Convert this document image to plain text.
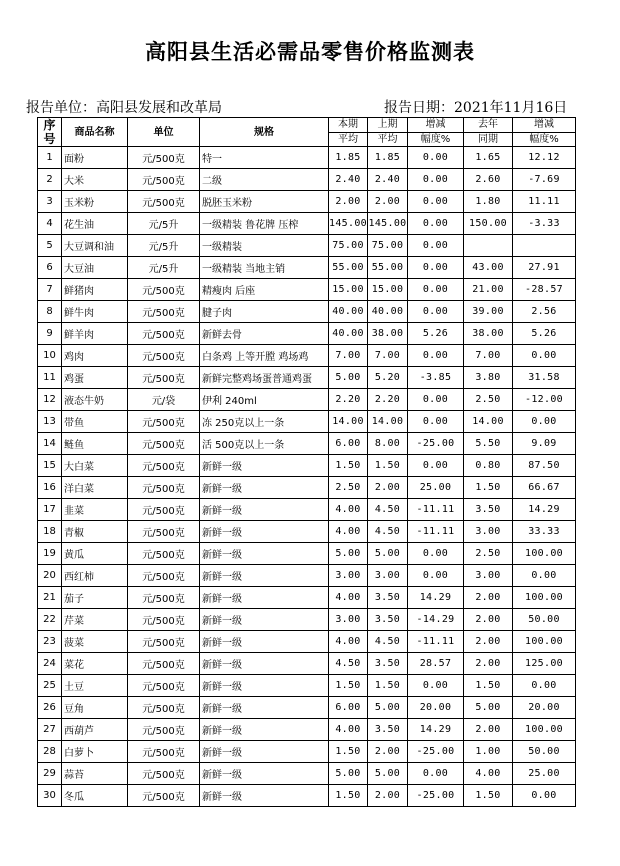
高阳县生活必需品零售价格监测表
报告单位：高阳县发展和改革局	报告日期：2021年11月16日
序
号	商品名称	单位	规格	本期	上期	增减	去年	增减
				平均	平均	幅度%	同期	幅度%
1	面粉	元/500克	特一	1.85	1.85	0.00	1.65	12.12
2	大米	元/500克	二级	2.40	2.40	0.00	2.60	-7.69
3	玉米粉	元/500克	脱胚玉米粉	2.00	2.00	0.00	1.80	11.11
4	花生油	元/5升	一级精装 鲁花牌 压榨	145.00	145.00	0.00	150.00	-3.33
5	大豆调和油	元/5升	一级精装	75.00	75.00	0.00		
6	大豆油	元/5升	一级精装 当地主销	55.00	55.00	0.00	43.00	27.91
7	鲜猪肉	元/500克	精瘦肉 后座	15.00	15.00	0.00	21.00	-28.57
8	鲜牛肉	元/500克	腱子肉	40.00	40.00	0.00	39.00	2.56
9	鲜羊肉	元/500克	新鲜去骨	40.00	38.00	5.26	38.00	5.26
10	鸡肉	元/500克	白条鸡 上等开膛 鸡场鸡	7.00	7.00	0.00	7.00	0.00
11	鸡蛋	元/500克	新鲜完整鸡场蛋普通鸡蛋	5.00	5.20	-3.85	3.80	31.58
12	液态牛奶	元/袋	伊利 240ml	2.20	2.20	0.00	2.50	-12.00
13	带鱼	元/500克	冻 250克以上一条	14.00	14.00	0.00	14.00	0.00
14	鲢鱼	元/500克	活 500克以上一条	6.00	8.00	-25.00	5.50	9.09
15	大白菜	元/500克	新鲜一级	1.50	1.50	0.00	0.80	87.50
16	洋白菜	元/500克	新鲜一级	2.50	2.00	25.00	1.50	66.67
17	韭菜	元/500克	新鲜一级	4.00	4.50	-11.11	3.50	14.29
18	青椒	元/500克	新鲜一级	4.00	4.50	-11.11	3.00	33.33
19	黄瓜	元/500克	新鲜一级	5.00	5.00	0.00	2.50	100.00
20	西红柿	元/500克	新鲜一级	3.00	3.00	0.00	3.00	0.00
21	茄子	元/500克	新鲜一级	4.00	3.50	14.29	2.00	100.00
22	芹菜	元/500克	新鲜一级	3.00	3.50	-14.29	2.00	50.00
23	菠菜	元/500克	新鲜一级	4.00	4.50	-11.11	2.00	100.00
24	菜花	元/500克	新鲜一级	4.50	3.50	28.57	2.00	125.00
25	土豆	元/500克	新鲜一级	1.50	1.50	0.00	1.50	0.00
26	豆角	元/500克	新鲜一级	6.00	5.00	20.00	5.00	20.00
27	西葫芦	元/500克	新鲜一级	4.00	3.50	14.29	2.00	100.00
28	白萝卜	元/500克	新鲜一级	1.50	2.00	-25.00	1.00	50.00
29	蒜苔	元/500克	新鲜一级	5.00	5.00	0.00	4.00	25.00
30	冬瓜	元/500克	新鲜一级	1.50	2.00	-25.00	1.50	0.00
